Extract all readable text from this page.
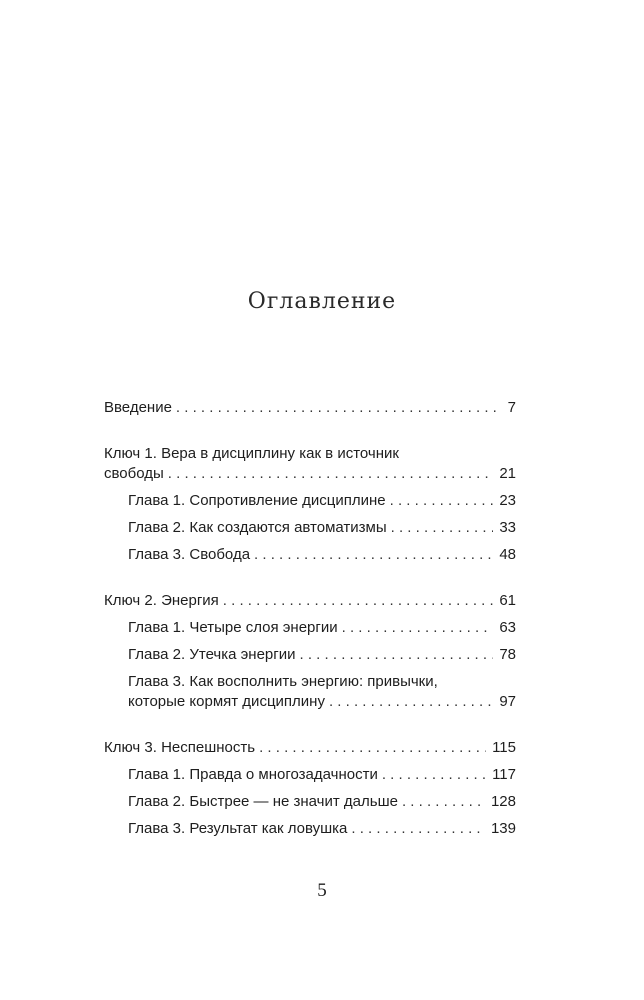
Оглавление
Введение . . .	7
Ключ 1. Вера в дисциплину как в источник
свободы . . .	21
Глава 1. Сопротивление дисциплине . . .	23
Глава 2. Как создаются автоматизмы . . .	33
Глава 3. Свобода . . .	48
Ключ 2. Энергия . . .	61
Глава 1. Четыре слоя энергии . . .	63
Глава 2. Утечка энергии . . .	78
Глава 3. Как восполнить энергию: привычки,
которые кормят дисциплину . . .	97
Ключ 3. Неспешность . . .	115
Глава 1. Правда о многозадачности . . .	117
Глава 2. Быстрее — не значит дальше . . .	128
Глава 3. Результат как ловушка . . .	139
5
